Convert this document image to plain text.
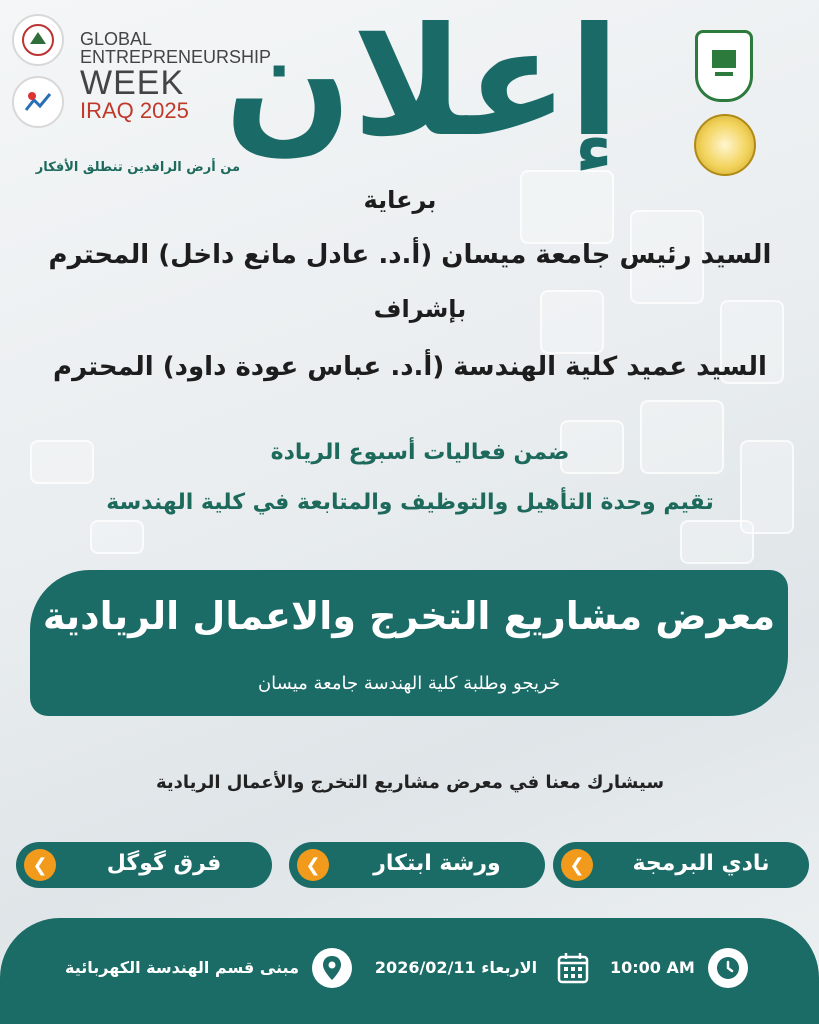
GLOBAL
ENTREPRENEURSHIP
WEEK
IRAQ 2025
من أرض الرافدين تنطلق الأفكار
إعلان
برعاية
السيد رئيس جامعة ميسان (أ.د. عادل مانع داخل) المحترم
بإشراف
السيد عميد كلية الهندسة (أ.د. عباس عودة داود) المحترم
ضمن فعاليات أسبوع الريادة
تقيم وحدة التأهيل والتوظيف والمتابعة في كلية الهندسة
معرض مشاريع التخرج والاعمال الريادية
خريجو وطلبة كلية الهندسة جامعة ميسان
سيشارك معنا في معرض مشاريع التخرج والأعمال الريادية
❮	نادي البرمجة
❮	ورشة ابتكار
❮	فرق گوگل
10:00 AM
الاربعاء 2026/02/11
مبنى قسم الهندسة الكهربائية
